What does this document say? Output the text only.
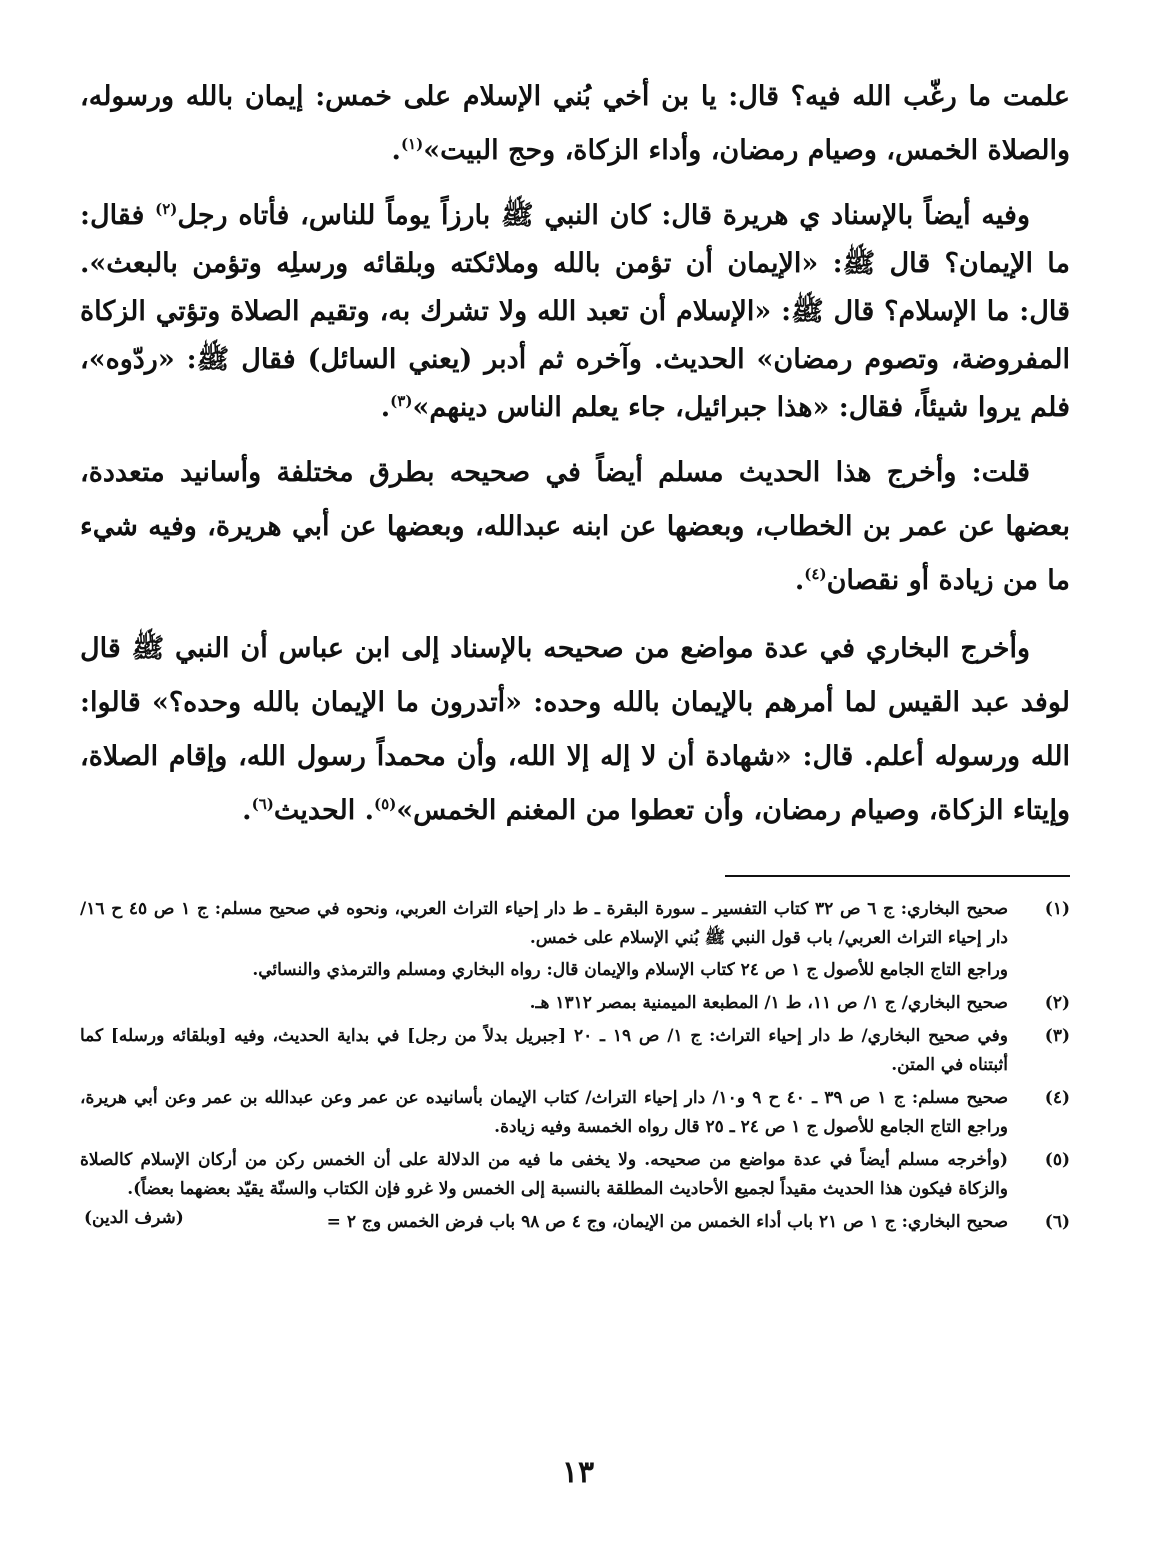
علمت ما رغّب الله فيه؟ قال: يا بن أخي بُني الإسلام على خمس: إيمان بالله ورسوله، والصلاة الخمس، وصيام رمضان، وأداء الزكاة، وحج البيت»$^{(١)}$.

وفيه أيضاً بالإسناد ي هريرة قال: كان النبي ﷺ بارزاً يوماً للناس، فأتاه رجل$^{(٢)}$ فقال: ما الإيمان؟ قال ﷺ: «الإيمان أن تؤمن بالله وملائكته وبلقائه ورسلِه وتؤمن بالبعث». قال: ما الإسلام؟ قال ﷺ: «الإسلام أن تعبد الله ولا تشرك به، وتقيم الصلاة وتؤتي الزكاة المفروضة، وتصوم رمضان» الحديث. وآخره ثم أدبر (يعني السائل) فقال ﷺ: «ردّوه»، فلم يروا شيئاً، فقال: «هذا جبرائيل، جاء يعلم الناس دينهم»$^{(٣)}$.

قلت: وأخرج هذا الحديث مسلم أيضاً في صحيحه بطرق مختلفة وأسانيد متعددة، بعضها عن عمر بن الخطاب، وبعضها عن ابنه عبدالله، وبعضها عن أبي هريرة، وفيه شيء ما من زيادة أو نقصان$^{(٤)}$.

وأخرج البخاري في عدة مواضع من صحيحه بالإسناد إلى ابن عباس أن النبي ﷺ قال لوفد عبد القيس لما أمرهم بالإيمان بالله وحده: «أتدرون ما الإيمان بالله وحده؟» قالوا: الله ورسوله أعلم. قال: «شهادة أن لا إله إلا الله، وأن محمداً رسول الله، وإقام الصلاة، وإيتاء الزكاة، وصيام رمضان، وأن تعطوا من المغنم الخمس»$^{(٥)}$. الحديث$^{(٦)}$.

(١)
صحيح البخاري: ج ٦ ص ٣٢ كتاب التفسير ـ سورة البقرة ـ ط دار إحياء التراث العربي، ونحوه في صحيح مسلم: ج ١ ص ٤٥ ح ١٦/ دار إحياء التراث العربي/ باب قول النبي ﷺ بُني الإسلام على خمس.
وراجع التاج الجامع للأصول ج ١ ص ٢٤ كتاب الإسلام والإيمان قال: رواه البخاري ومسلم والترمذي والنسائي.
(٢)
صحيح البخاري/ ج ١/ ص ١١، ط ١/ المطبعة الميمنية بمصر ١٣١٢ هـ.
(٣)
وفي صحيح البخاري/ ط دار إحياء التراث: ج ١/ ص ١٩ ـ ٢٠ [جبريل بدلاً من رجل] في بداية الحديث، وفيه [وبلقائه ورسله] كما أثبتناه في المتن.
(٤)
صحيح مسلم: ج ١ ص ٣٩ ـ ٤٠ ح ٩ و١٠/ دار إحياء التراث/ كتاب الإيمان بأسانيده عن عمر وعن عبدالله بن عمر وعن أبي هريرة، وراجع التاج الجامع للأصول ج ١ ص ٢٤ ـ ٢٥ قال رواه الخمسة وفيه زيادة.
(٥)
(وأخرجه مسلم أيضاً في عدة مواضع من صحيحه. ولا يخفى ما فيه من الدلالة على أن الخمس ركن من أركان الإسلام كالصلاة والزكاة فيكون هذا الحديث مقيداً لجميع الأحاديث المطلقة بالنسبة إلى الخمس ولا غرو فإن الكتاب والسنّة يقيّد بعضهما بعضاً).
(شرف الدين)	(٦)
صحيح البخاري: ج ١ ص ٢١ باب أداء الخمس من الإيمان، وج ٤ ص ٩٨ باب فرض الخمس وج ٢ =
١٣
